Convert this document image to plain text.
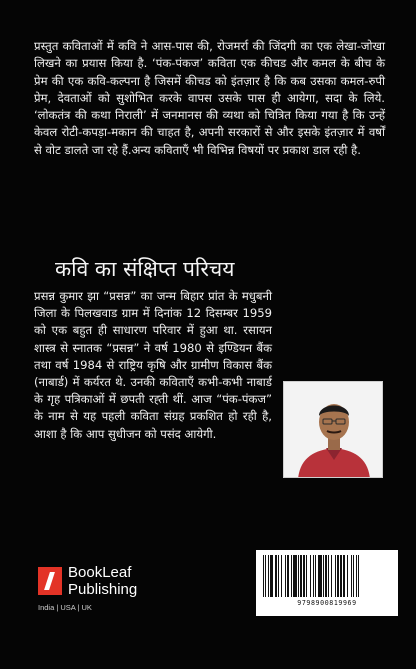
प्रस्तुत कविताओं में कवि ने आस-पास की, रोजमर्रा की जिंदगी का एक लेखा-जोखा लिखने का प्रयास किया है. ‘पंक-पंकज’ कविता एक कीचड और कमल के बीच के प्रेम की एक कवि-कल्पना है जिसमें कीचड को इंतज़ार है कि कब उसका कमल-रुपी प्रेम, देवताओं को सुशोभित करके वापस उसके पास ही आयेगा, सदा के लिये. ‘लोकतंत्र की कथा निराली’ में जनमानस की व्यथा को चित्रित किया गया है कि उन्हें केवल रोटी-कपड़ा-मकान की चाहत है, अपनी सरकारों से और इसके इंतज़ार में वर्षों से वोट डालते जा रहे हैं.अन्य कविताएँ भी विभिन्न विषयों पर प्रकाश डाल रही है.
कवि का संक्षिप्त परिचय
प्रसन्न कुमार झा “प्रसन्न” का जन्म बिहार प्रांत के मधुबनी जिला के पिलखवाड ग्राम में दिनांक 12 दिसम्बर 1959 को एक बहुत ही साधारण परिवार में हुआ था. रसायन शास्त्र से स्नातक “प्रसन्न” ने वर्ष 1980 से इण्डियन बैंक तथा वर्ष 1984 से राष्ट्रिय कृषि और ग्रामीण विकास बैंक (नाबार्ड) में कर्यरत थे. उनकी कविताएँ कभी-कभी नाबार्ड के गृह पत्रिकाओं में छपती रह्ती थीं. आज “पंक-पंकज” के नाम से यह पहली कविता संग्रह प्रकशित हो रही है, आशा है कि आप सुधीजन को पसंद आयेगी.
BookLeaf
Publishing
India | USA | UK	9798900819969
